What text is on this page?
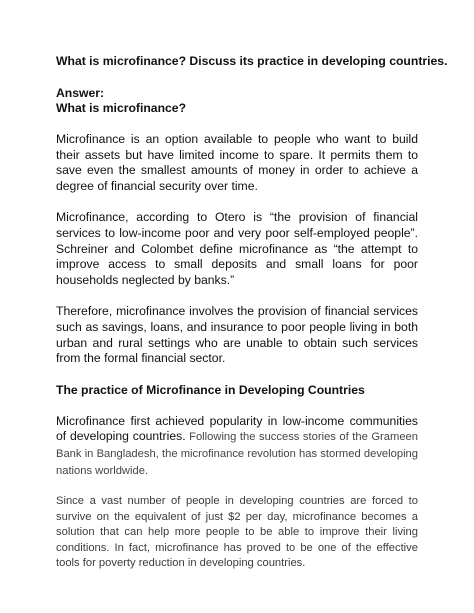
What is microfinance? Discuss its practice in developing countries.

Answer:

What is microfinance?

Microfinance is an option available to people who want to build their assets but have limited income to spare. It permits them to save even the smallest amounts of money in order to achieve a degree of financial security over time.

Microfinance, according to Otero is “the provision of financial services to low-income poor and very poor self-employed people”. Schreiner and Colombet define microfinance as “the attempt to improve access to small deposits and small loans for poor households neglected by banks.”

Therefore, microfinance involves the provision of financial services such as savings, loans, and insurance to poor people living in both urban and rural settings who are unable to obtain such services from the formal financial sector.

The practice of Microfinance in Developing Countries

Microfinance first achieved popularity in low-income communities of developing countries. Following the success stories of the Grameen Bank in Bangladesh, the microfinance revolution has stormed developing nations worldwide.

Since a vast number of people in developing countries are forced to survive on the equivalent of just $2 per day, microfinance becomes a solution that can help more people to be able to improve their living conditions. In fact, microfinance has proved to be one of the effective tools for poverty reduction in developing countries.
